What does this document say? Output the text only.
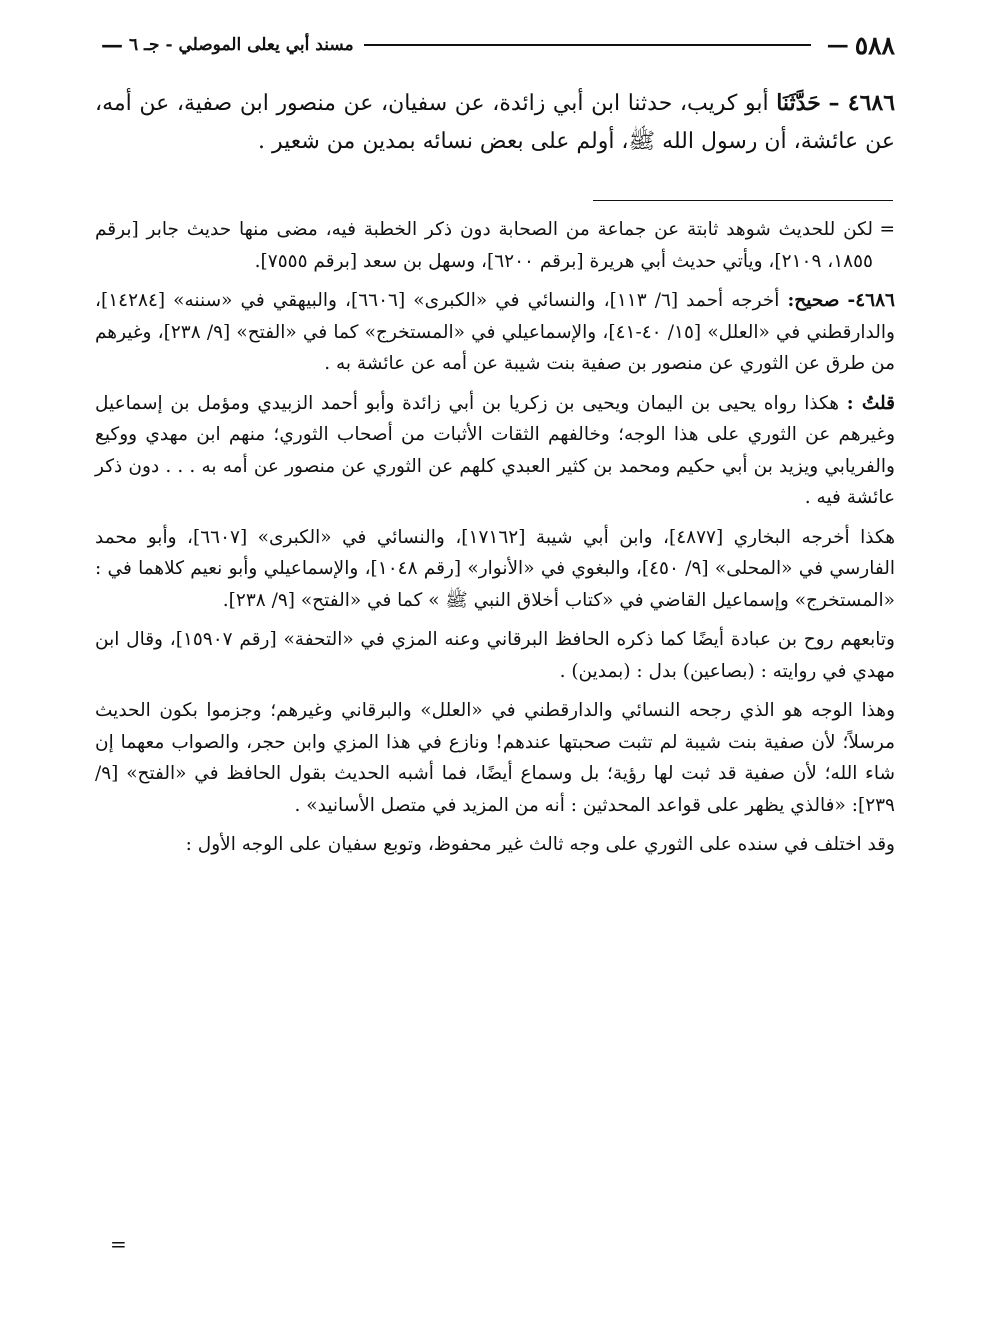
٥٨٨
—
مسند أبي يعلى الموصلي - جـ ٦
—
٤٦٨٦ – حَدَّثَنَا أبو كريب، حدثنا ابن أبي زائدة، عن سفيان، عن منصور ابن صفية، عن أمه، عن عائشة، أن رسول الله ﷺ، أولم على بعض نسائه بمدين من شعير .

=
لكن للحديث شوهد ثابتة عن جماعة من الصحابة دون ذكر الخطبة فيه، مضى منها حديث جابر [برقم ١٨٥٥، ٢١٠٩]، ويأتي حديث أبي هريرة [برقم ٦٢٠٠]، وسهل بن سعد [برقم ٧٥٥٥].

٤٦٨٦- صحيح: أخرجه أحمد [٦/ ١١٣]، والنسائي في «الكبرى» [٦٦٠٦]، والبيهقي في «سننه» [١٤٢٨٤]، والدارقطني في «العلل» [١٥/ ٤٠-٤١]، والإسماعيلي في «المستخرج» كما في «الفتح» [٩/ ٢٣٨]، وغيرهم من طرق عن الثوري عن منصور بن صفية بنت شيبة عن أمه عن عائشة به .

قلتُ : هكذا رواه يحيى بن اليمان ويحيى بن زكريا بن أبي زائدة وأبو أحمد الزبيدي ومؤمل بن إسماعيل وغيرهم عن الثوري على هذا الوجه؛ وخالفهم الثقات الأثبات من أصحاب الثوري؛ منهم ابن مهدي ووكيع والفريابي ويزيد بن أبي حكيم ومحمد بن كثير العبدي كلهم عن الثوري عن منصور عن أمه به . . . دون ذكر عائشة فيه .

هكذا أخرجه البخاري [٤٨٧٧]، وابن أبي شيبة [١٧١٦٢]، والنسائي في «الكبرى» [٦٦٠٧]، وأبو محمد الفارسي في «المحلى» [٩/ ٤٥٠]، والبغوي في «الأنوار» [رقم ١٠٤٨]، والإسماعيلي وأبو نعيم كلاهما في : «المستخرج» وإسماعيل القاضي في «كتاب أخلاق النبي ﷺ » كما في «الفتح» [٩/ ٢٣٨].

وتابعهم روح بن عبادة أيضًا كما ذكره الحافظ البرقاني وعنه المزي في «التحفة» [رقم ١٥٩٠٧]، وقال ابن مهدي في روايته : (بصاعين) بدل : (بمدين) .

وهذا الوجه هو الذي رجحه النسائي والدارقطني في «العلل» والبرقاني وغيرهم؛ وجزموا بكون الحديث مرسلاً؛ لأن صفية بنت شيبة لم تثبت صحبتها عندهم! ونازع في هذا المزي وابن حجر، والصواب معهما إن شاء الله؛ لأن صفية قد ثبت لها رؤية؛ بل وسماع أيضًا، فما أشبه الحديث بقول الحافظ في «الفتح» [٩/ ٢٣٩]: «فالذي يظهر على قواعد المحدثين : أنه من المزيد في متصل الأسانيد» .

وقد اختلف في سنده على الثوري على وجه ثالث غير محفوظ، وتوبع سفيان على الوجه الأول :

=
